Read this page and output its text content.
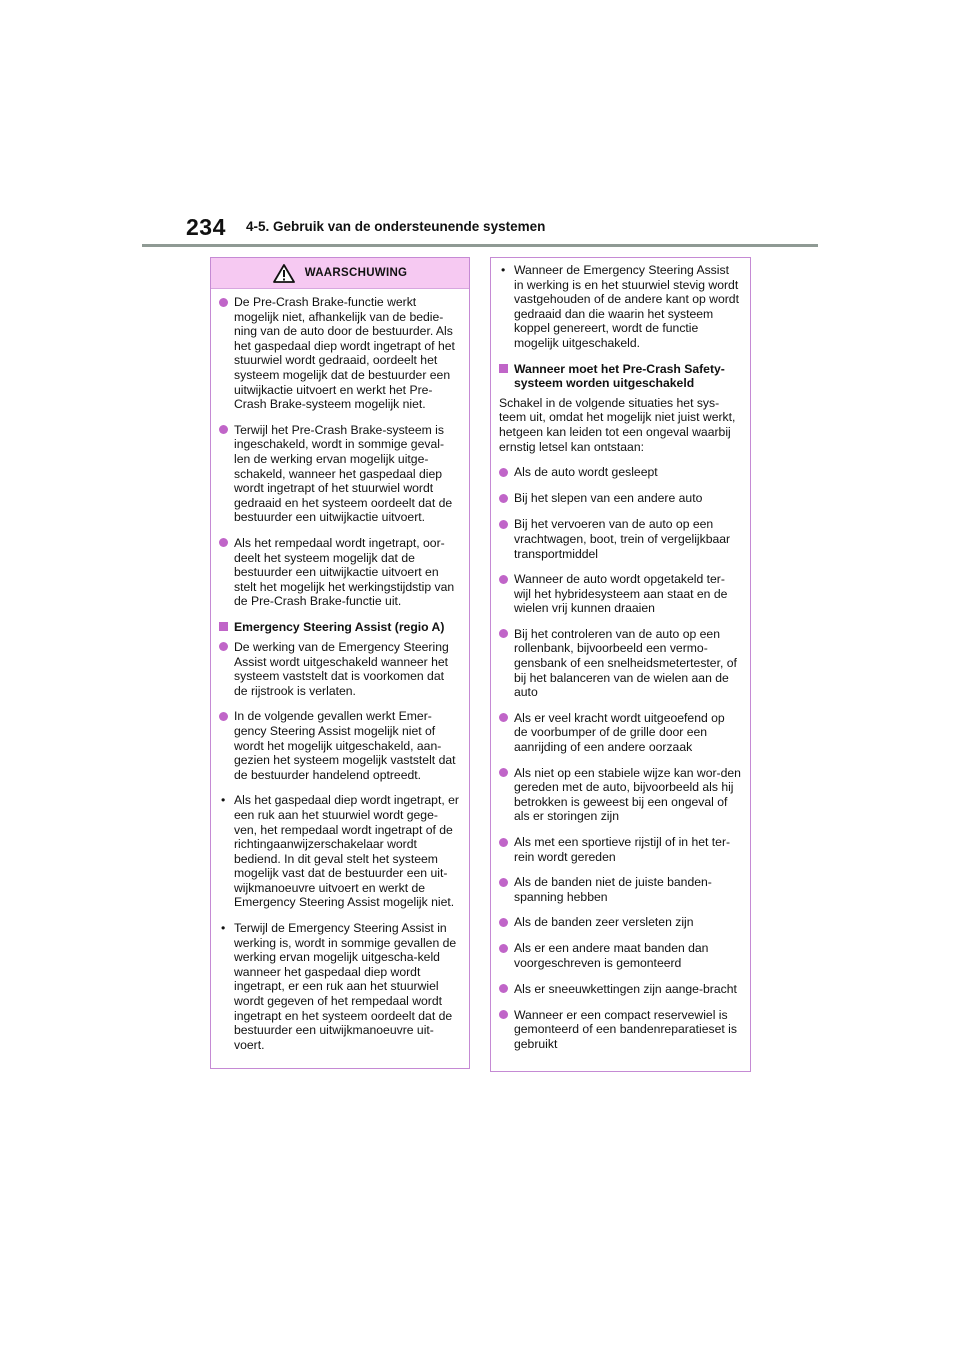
234 4-5. Gebruik van de ondersteunende systemen
WAARSCHUWING
De Pre-Crash Brake-functie werkt mogelijk niet, afhankelijk van de bedie-ning van de auto door de bestuurder. Als het gaspedaal diep wordt ingetrapt of het stuurwiel wordt gedraaid, oordeelt het systeem mogelijk dat de bestuurder een uitwijkactie uitvoert en werkt het Pre-Crash Brake-systeem mogelijk niet.
Terwijl het Pre-Crash Brake-systeem is ingeschakeld, wordt in sommige geval-len de werking ervan mogelijk uitge-schakeld, wanneer het gaspedaal diep wordt ingetrapt of het stuurwiel wordt gedraaid en het systeem oordeelt dat de bestuurder een uitwijkactie uitvoert.
Als het rempedaal wordt ingetrapt, oor-deelt het systeem mogelijk dat de bestuurder een uitwijkactie uitvoert en stelt het mogelijk het werkingstijdstip van de Pre-Crash Brake-functie uit.
Emergency Steering Assist (regio A)
De werking van de Emergency Steering Assist wordt uitgeschakeld wanneer het systeem vaststelt dat is voorkomen dat de rijstrook is verlaten.
In de volgende gevallen werkt Emer-gency Steering Assist mogelijk niet of wordt het mogelijk uitgeschakeld, aan-gezien het systeem mogelijk vaststelt dat de bestuurder handelend optreedt.
• Als het gaspedaal diep wordt ingetrapt, er een ruk aan het stuurwiel wordt gege-ven, het rempedaal wordt ingetrapt of de richtingaanwijzerschakelaar wordt bediend. In dit geval stelt het systeem mogelijk vast dat de bestuurder een uit-wijkmanoeuvre uitvoert en werkt de Emergency Steering Assist mogelijk niet.
• Terwijl de Emergency Steering Assist in werking is, wordt in sommige gevallen de werking ervan mogelijk uitgescha-keld wanneer het gaspedaal diep wordt ingetrapt, er een ruk aan het stuurwiel wordt gegeven of het rempedaal wordt ingetrapt en het systeem oordeelt dat de bestuurder een uitwijkmanoeuvre uit-voert.
• Wanneer de Emergency Steering Assist in werking is en het stuurwiel stevig wordt vastgehouden of de andere kant op wordt gedraaid dan die waarin het systeem koppel genereert, wordt de functie mogelijk uitgeschakeld.
Wanneer moet het Pre-Crash Safety-systeem worden uitgeschakeld
Schakel in de volgende situaties het sys-teem uit, omdat het mogelijk niet juist werkt, hetgeen kan leiden tot een ongeval waarbij ernstig letsel kan ontstaan:
Als de auto wordt gesleept
Bij het slepen van een andere auto
Bij het vervoeren van de auto op een vrachtwagen, boot, trein of vergelijkbaar transportmiddel
Wanneer de auto wordt opgetakeld ter-wijl het hybridesysteem aan staat en de wielen vrij kunnen draaien
Bij het controleren van de auto op een rollenbank, bijvoorbeeld een vermo-gensbank of een snelheidsmetertester, of bij het balanceren van de wielen aan de auto
Als er veel kracht wordt uitgeoefend op de voorbumper of de grille door een aanrijding of een andere oorzaak
Als niet op een stabiele wijze kan wor-den gereden met de auto, bijvoorbeeld als hij betrokken is geweest bij een ongeval of als er storingen zijn
Als met een sportieve rijstijl of in het ter-rein wordt gereden
Als de banden niet de juiste banden-spanning hebben
Als de banden zeer versleten zijn
Als er een andere maat banden dan voorgeschreven is gemonteerd
Als er sneeuwkettingen zijn aange-bracht
Wanneer er een compact reservewiel is gemonteerd of een bandenreparatieset is gebruikt
